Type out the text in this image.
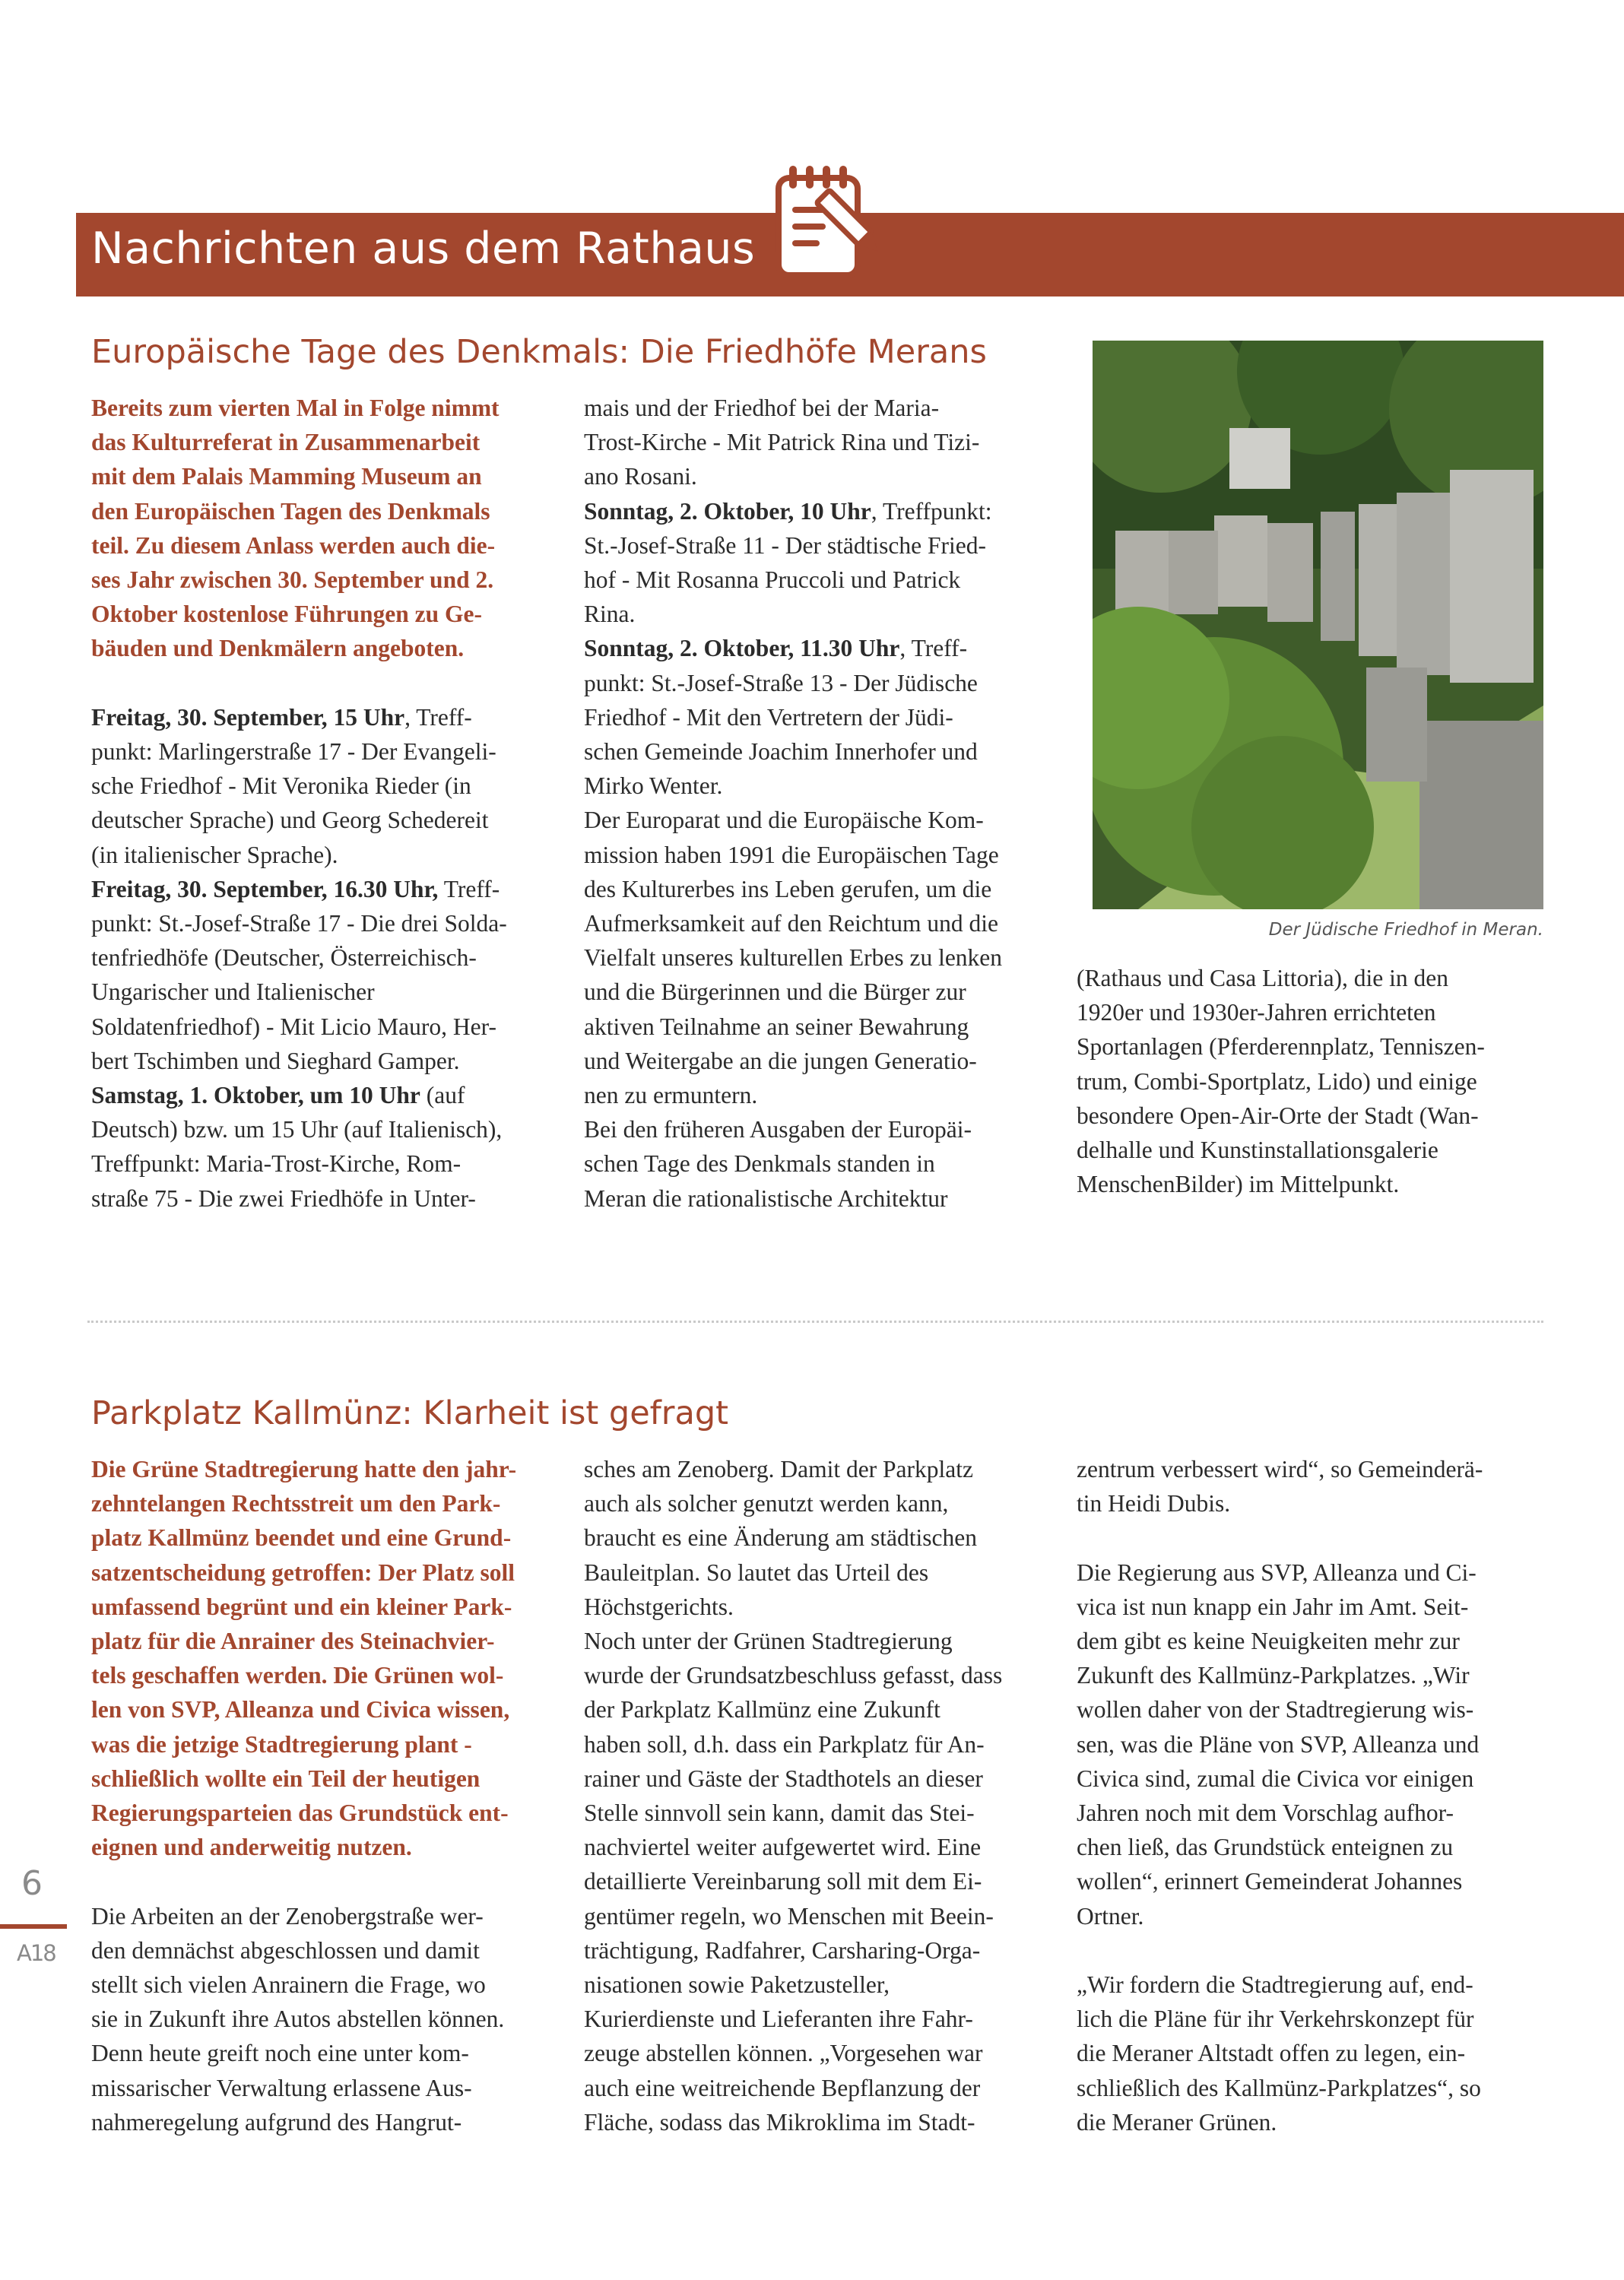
Nachrichten aus dem Rathaus
Europäische Tage des Denkmals: Die Friedhöfe Merans

Bereits zum vierten Mal in Folge nimmt

das Kulturreferat in Zusammenarbeit

mit dem Palais Mamming Museum an

den Europäischen Tagen des Denkmals

teil. Zu diesem Anlass werden auch die-

ses Jahr zwischen 30. September und 2.

Oktober kostenlose Führungen zu Ge-

bäuden und Denkmälern angeboten.

Freitag, 30. September, 15 Uhr, Treff-

punkt: Marlingerstraße 17 - Der Evangeli-

sche Friedhof - Mit Veronika Rieder (in

deutscher Sprache) und Georg Schedereit

(in italienischer Sprache).

Freitag, 30. September, 16.30 Uhr, Treff-

punkt: St.-Josef-Straße 17 - Die drei Solda-

tenfriedhöfe (Deutscher, Österreichisch-

Ungarischer und Italienischer

Soldatenfriedhof) - Mit Licio Mauro, Her-

bert Tschimben und Sieghard Gamper.

Samstag, 1. Oktober, um 10 Uhr (auf

Deutsch) bzw. um 15 Uhr (auf Italienisch),

Treffpunkt: Maria-Trost-Kirche, Rom-

straße 75 - Die zwei Friedhöfe in Unter-

mais und der Friedhof bei der Maria-

Trost-Kirche - Mit Patrick Rina und Tizi-

ano Rosani.

Sonntag, 2. Oktober, 10 Uhr, Treffpunkt:

St.-Josef-Straße 11 - Der städtische Fried-

hof - Mit Rosanna Pruccoli und Patrick

Rina.

Sonntag, 2. Oktober, 11.30 Uhr, Treff-

punkt: St.-Josef-Straße 13 - Der Jüdische

Friedhof - Mit den Vertretern der Jüdi-

schen Gemeinde Joachim Innerhofer und

Mirko Wenter.

Der Europarat und die Europäische Kom-

mission haben 1991 die Europäischen Tage

des Kulturerbes ins Leben gerufen, um die

Aufmerksamkeit auf den Reichtum und die

Vielfalt unseres kulturellen Erbes zu lenken

und die Bürgerinnen und die Bürger zur

aktiven Teilnahme an seiner Bewahrung

und Weitergabe an die jungen Generatio-

nen zu ermuntern.

Bei den früheren Ausgaben der Europäi-

schen Tage des Denkmals standen in

Meran die rationalistische Architektur

Der Jüdische Friedhof in Meran.

(Rathaus und Casa Littoria), die in den

1920er und 1930er-Jahren errichteten

Sportanlagen (Pferderennplatz, Tenniszen-

trum, Combi-Sportplatz, Lido) und einige

besondere Open-Air-Orte der Stadt (Wan-

delhalle und Kunstinstallationsgalerie

MenschenBilder) im Mittelpunkt.

Parkplatz Kallmünz: Klarheit ist gefragt

Die Grüne Stadtregierung hatte den jahr-

zehntelangen Rechtsstreit um den Park-

platz Kallmünz beendet und eine Grund-

satzentscheidung getroffen: Der Platz soll

umfassend begrünt und ein kleiner Park-

platz für die Anrainer des Steinachvier-

tels geschaffen werden. Die Grünen wol-

len von SVP, Alleanza und Civica wissen,

was die jetzige Stadtregierung plant -

schließlich wollte ein Teil der heutigen

Regierungsparteien das Grundstück ent-

eignen und anderweitig nutzen.

Die Arbeiten an der Zenobergstraße wer-

den demnächst abgeschlossen und damit

stellt sich vielen Anrainern die Frage, wo

sie in Zukunft ihre Autos abstellen können.

Denn heute greift noch eine unter kom-

missarischer Verwaltung erlassene Aus-

nahmeregelung aufgrund des Hangrut-

sches am Zenoberg. Damit der Parkplatz

auch als solcher genutzt werden kann,

braucht es eine Änderung am städtischen

Bauleitplan. So lautet das Urteil des

Höchstgerichts.

Noch unter der Grünen Stadtregierung

wurde der Grundsatzbeschluss gefasst, dass

der Parkplatz Kallmünz eine Zukunft

haben soll, d.h. dass ein Parkplatz für An-

rainer und Gäste der Stadthotels an dieser

Stelle sinnvoll sein kann, damit das Stei-

nachviertel weiter aufgewertet wird. Eine

detaillierte Vereinbarung soll mit dem Ei-

gentümer regeln, wo Menschen mit Beein-

trächtigung, Radfahrer, Carsharing-Orga-

nisationen sowie Paketzusteller,

Kurierdienste und Lieferanten ihre Fahr-

zeuge abstellen können. „Vorgesehen war

auch eine weitreichende Bepflanzung der

Fläche, sodass das Mikroklima im Stadt-

zentrum verbessert wird“, so Gemeinderä-

tin Heidi Dubis.

Die Regierung aus SVP, Alleanza und Ci-

vica ist nun knapp ein Jahr im Amt. Seit-

dem gibt es keine Neuigkeiten mehr zur

Zukunft des Kallmünz-Parkplatzes. „Wir

wollen daher von der Stadtregierung wis-

sen, was die Pläne von SVP, Alleanza und

Civica sind, zumal die Civica vor einigen

Jahren noch mit dem Vorschlag aufhor-

chen ließ, das Grundstück enteignen zu

wollen“, erinnert Gemeinderat Johannes

Ortner.

„Wir fordern die Stadtregierung auf, end-

lich die Pläne für ihr Verkehrskonzept für

die Meraner Altstadt offen zu legen, ein-

schließlich des Kallmünz-Parkplatzes“, so

die Meraner Grünen.

6
A18
